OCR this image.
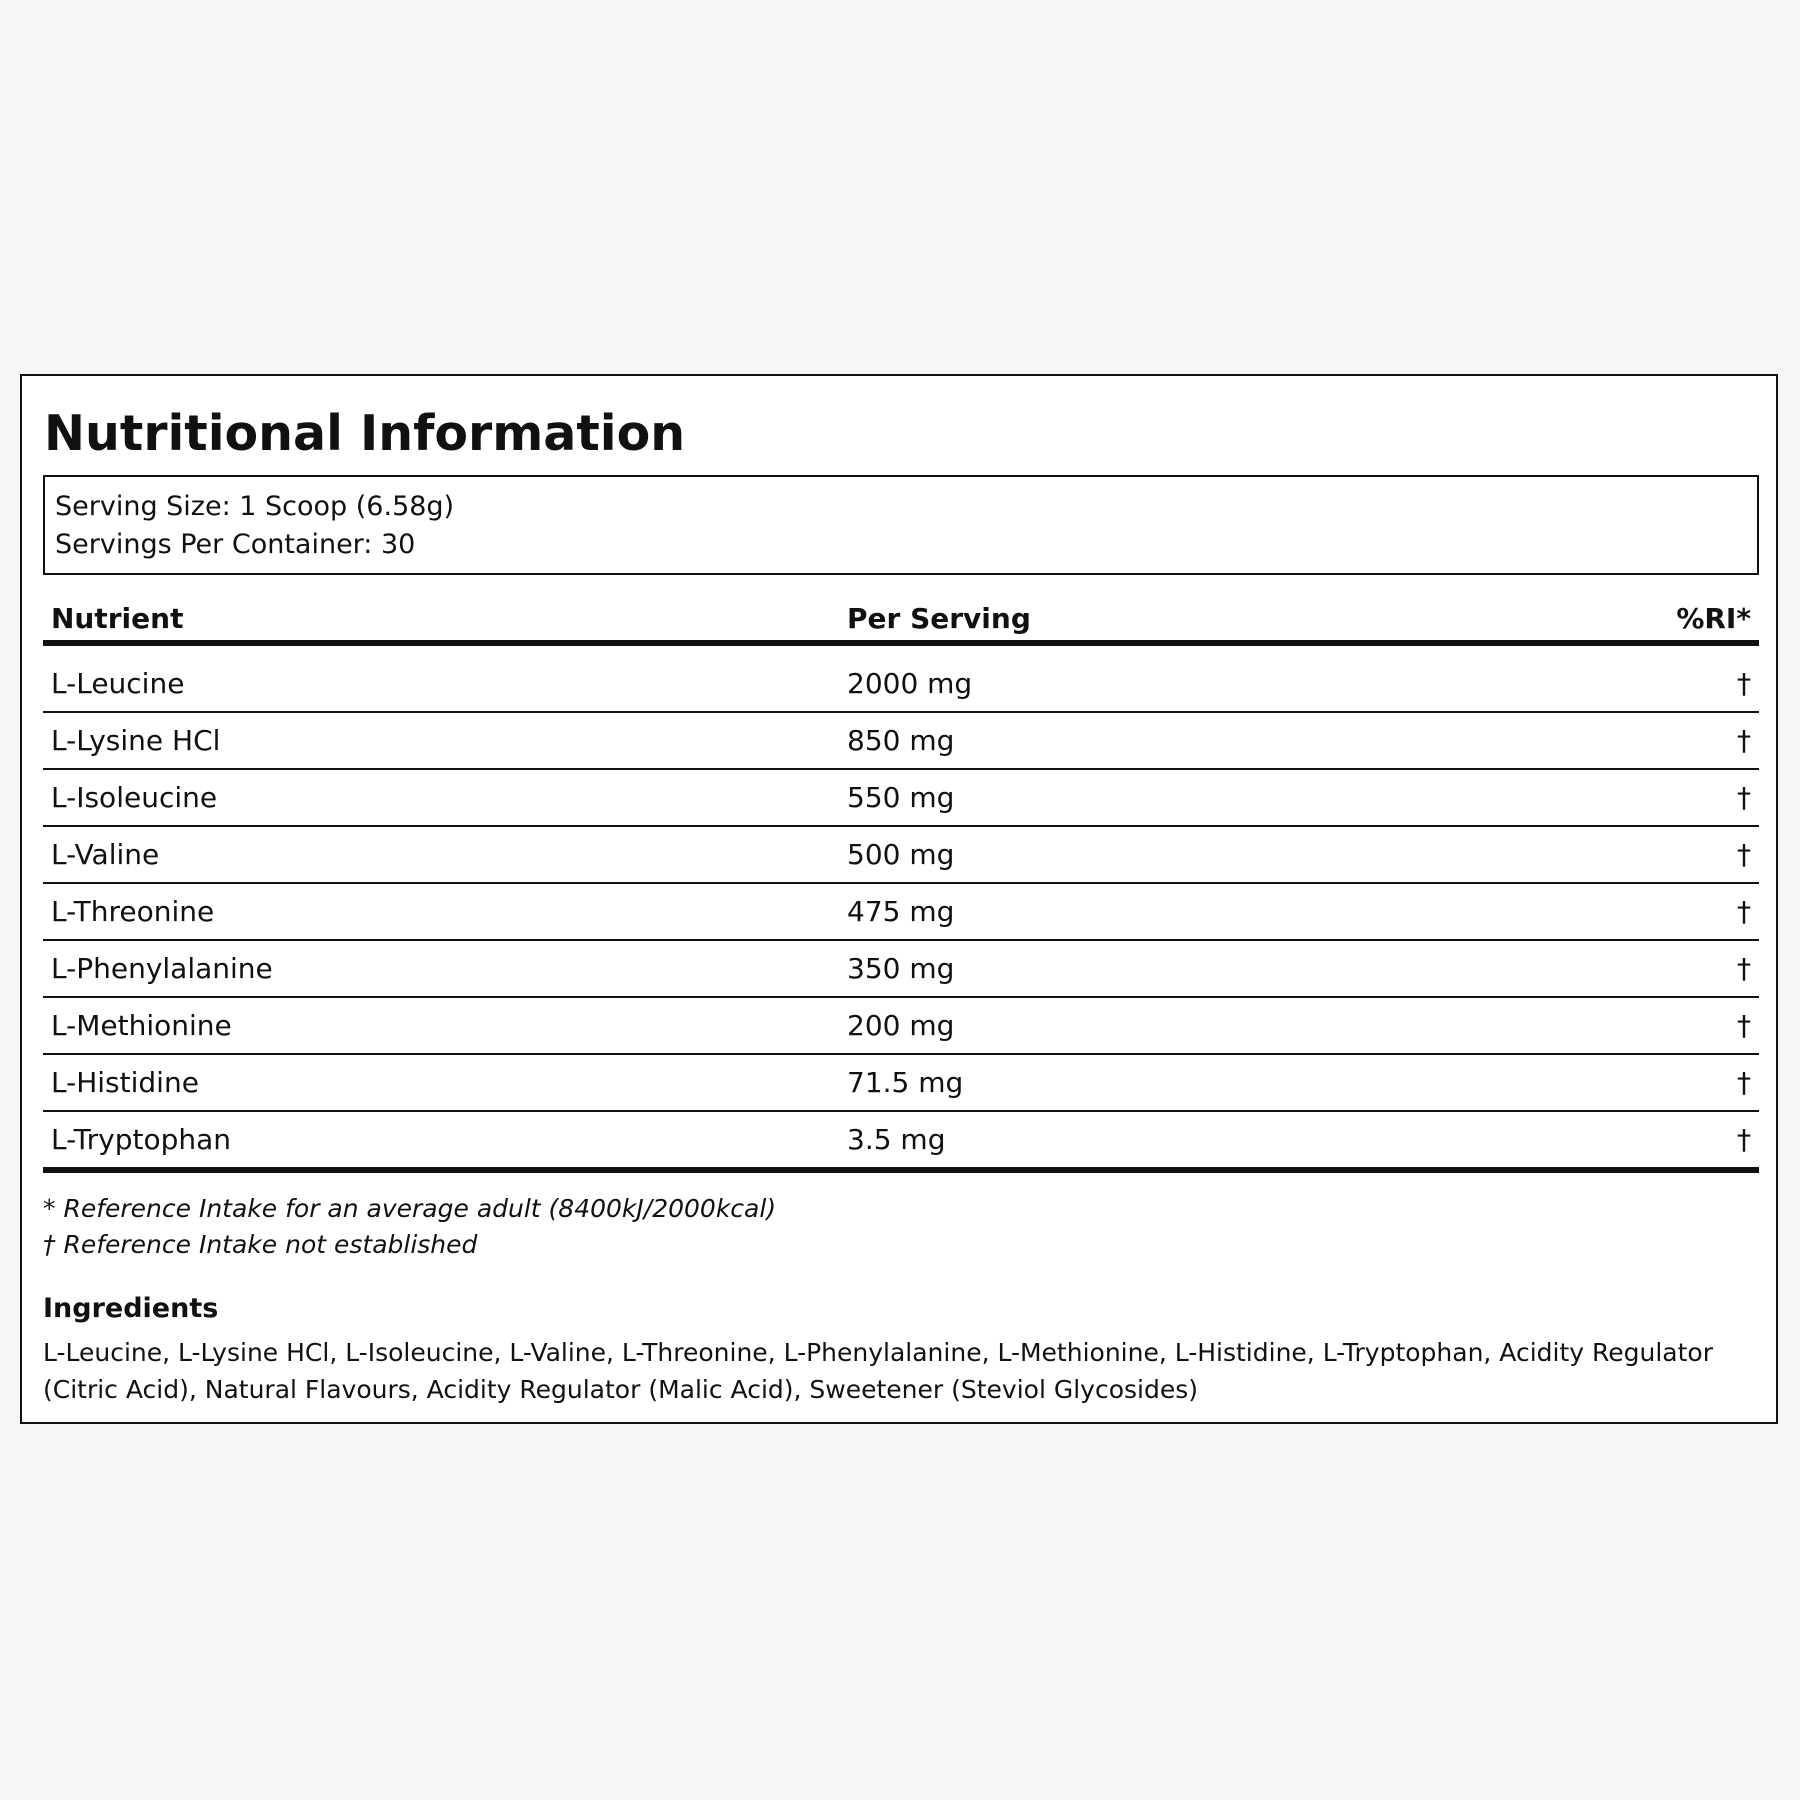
Nutritional Information
Serving Size: 1 Scoop (6.58g)
Servings Per Container: 30
Nutrient	Per Serving	%RI*
L-Leucine	2000 mg	†
L-Lysine HCl	850 mg	†
L-Isoleucine	550 mg	†
L-Valine	500 mg	†
L-Threonine	475 mg	†
L-Phenylalanine	350 mg	†
L-Methionine	200 mg	†
L-Histidine	71.5 mg	†
L-Tryptophan	3.5 mg	†
* Reference Intake for an average adult (8400kJ/2000kcal)
† Reference Intake not established
Ingredients

L-Leucine, L-Lysine HCl, L-Isoleucine, L-Valine, L-Threonine, L-Phenylalanine, L-Methionine, L-Histidine, L-Tryptophan, Acidity Regulator (Citric Acid), Natural Flavours, Acidity Regulator (Malic Acid), Sweetener (Steviol Glycosides)
